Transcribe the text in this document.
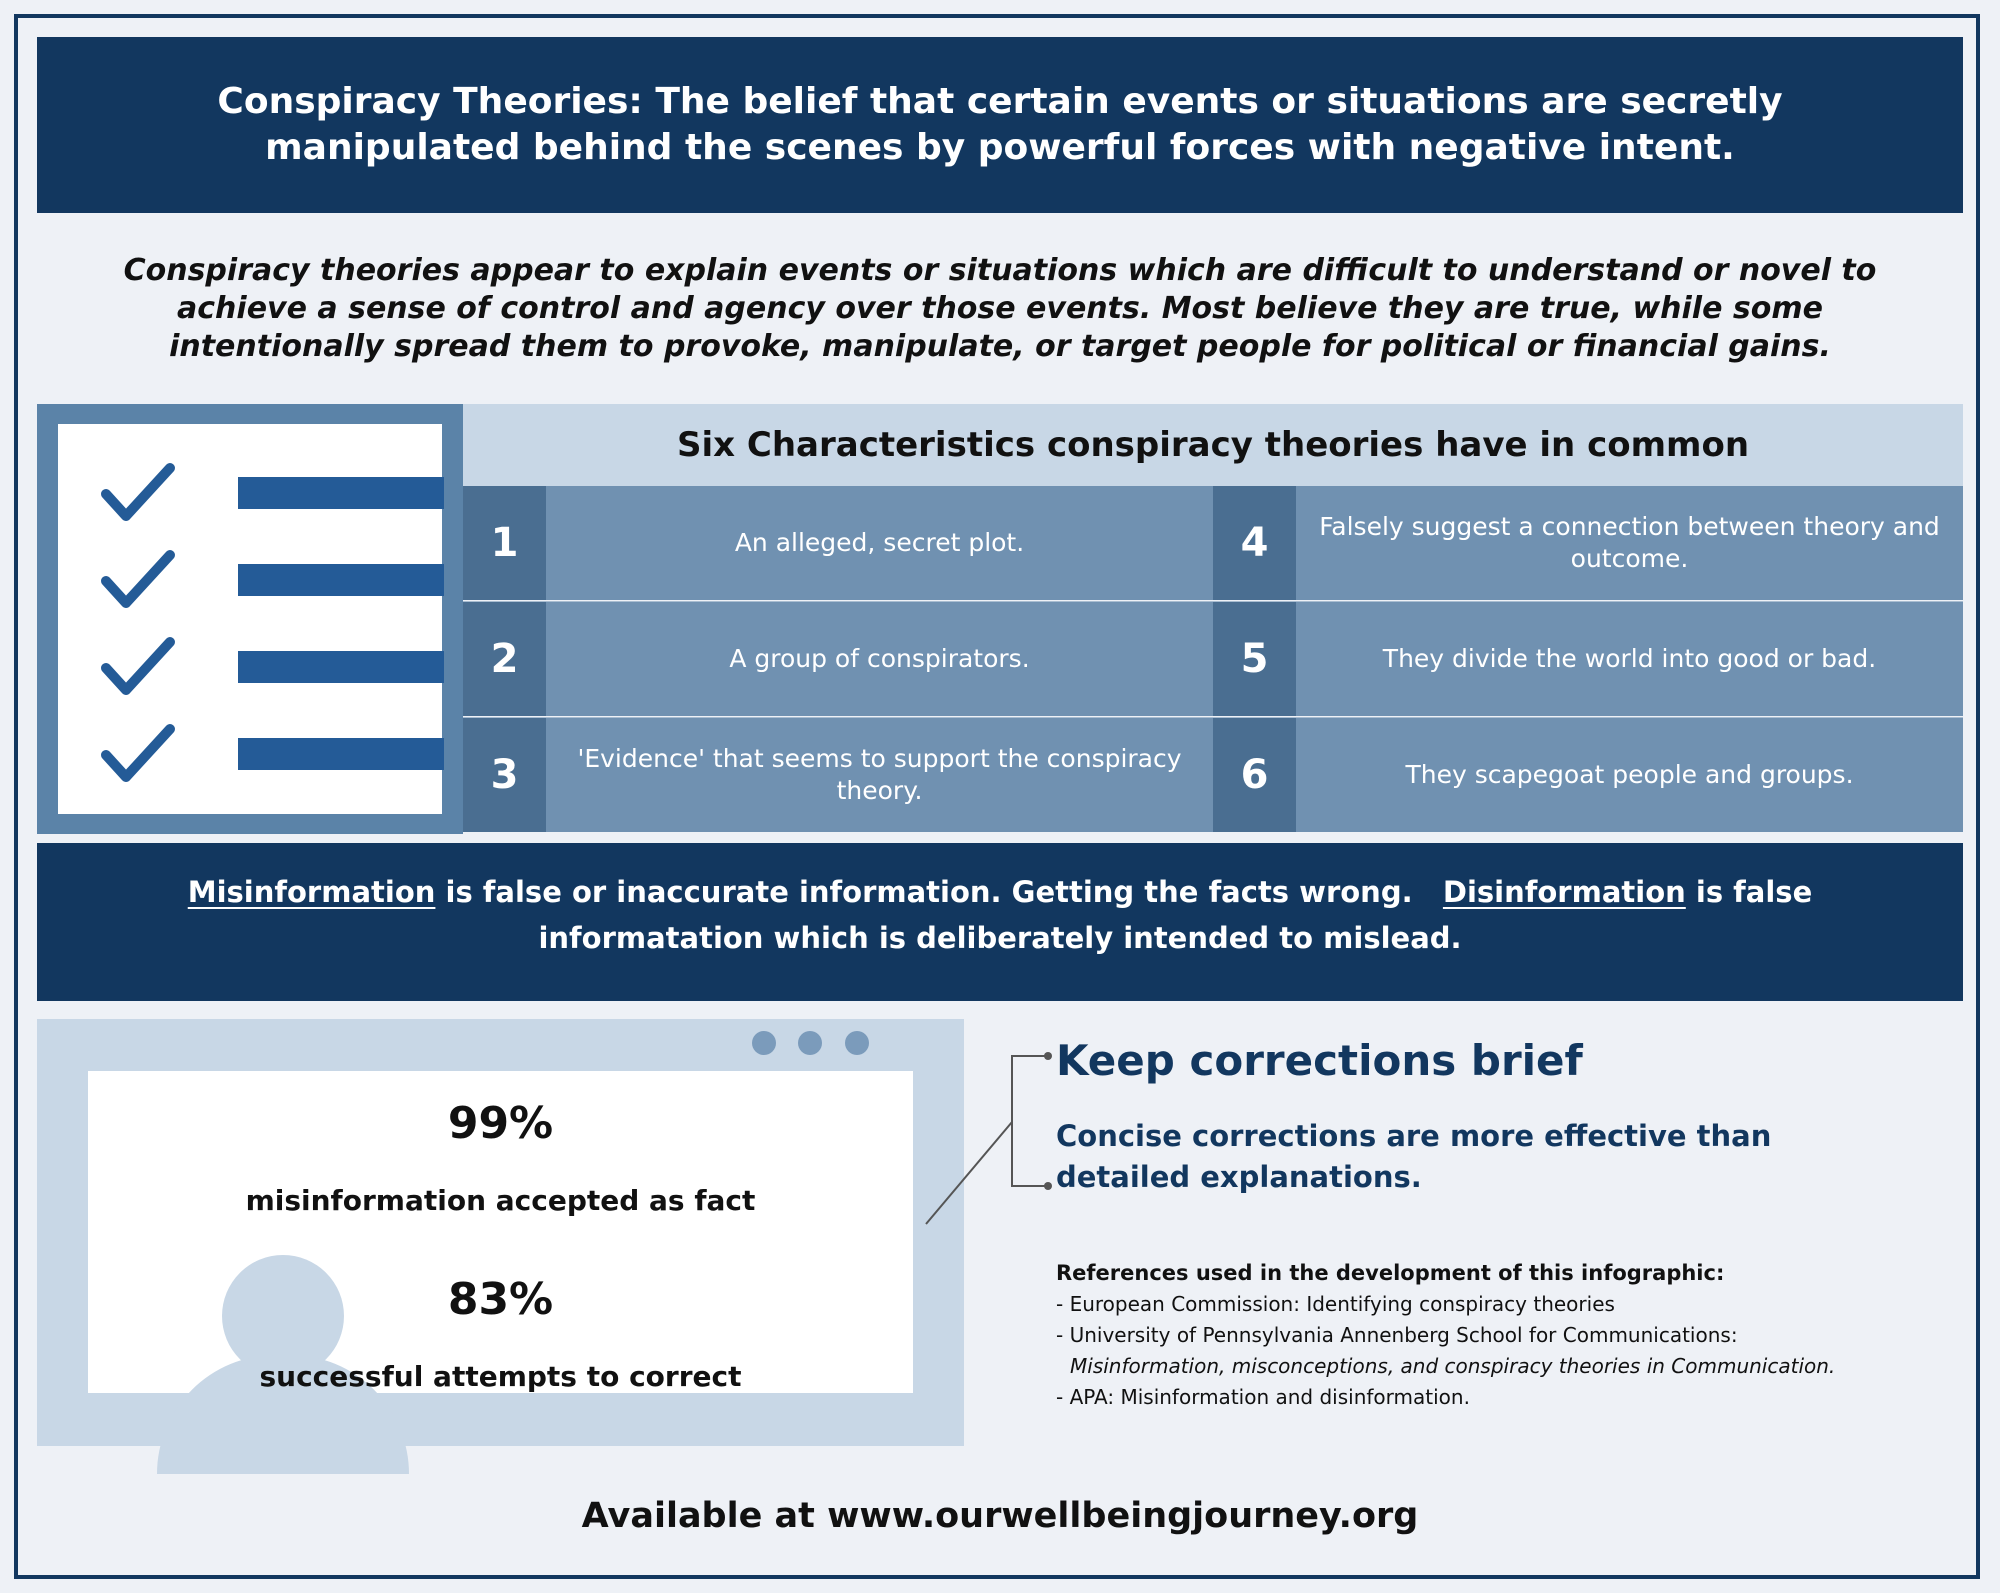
Conspiracy Theories: The belief that certain events or situations are secretly manipulated behind the scenes by powerful forces with negative intent.
Conspiracy theories appear to explain events or situations which are difficult to understand or novel to achieve a sense of control and agency over those events. Most believe they are true, while some intentionally spread them to provoke, manipulate, or target people for political or financial gains.
Six Characteristics conspiracy theories have in common
1	An alleged, secret plot.
2	A group of conspirators.
3	'Evidence' that seems to support the conspiracy theory.
4	Falsely suggest a connection between theory and outcome.
5	They divide the world into good or bad.
6	They scapegoat people and groups.
Misinformation is false or inaccurate information. Getting the facts wrong. Disinformation is false informatation which is deliberately intended to mislead.
99%
misinformation accepted as fact
83%
successful attempts to correct
Keep corrections brief
Concise corrections are more effective than detailed explanations.
References used in the development of this infographic:
- European Commission: Identifying conspiracy theories
- University of Pennsylvania Annenberg School for Communications:
Misinformation, misconceptions, and conspiracy theories in Communication.
- APA: Misinformation and disinformation.
Available at www.ourwellbeingjourney.org
